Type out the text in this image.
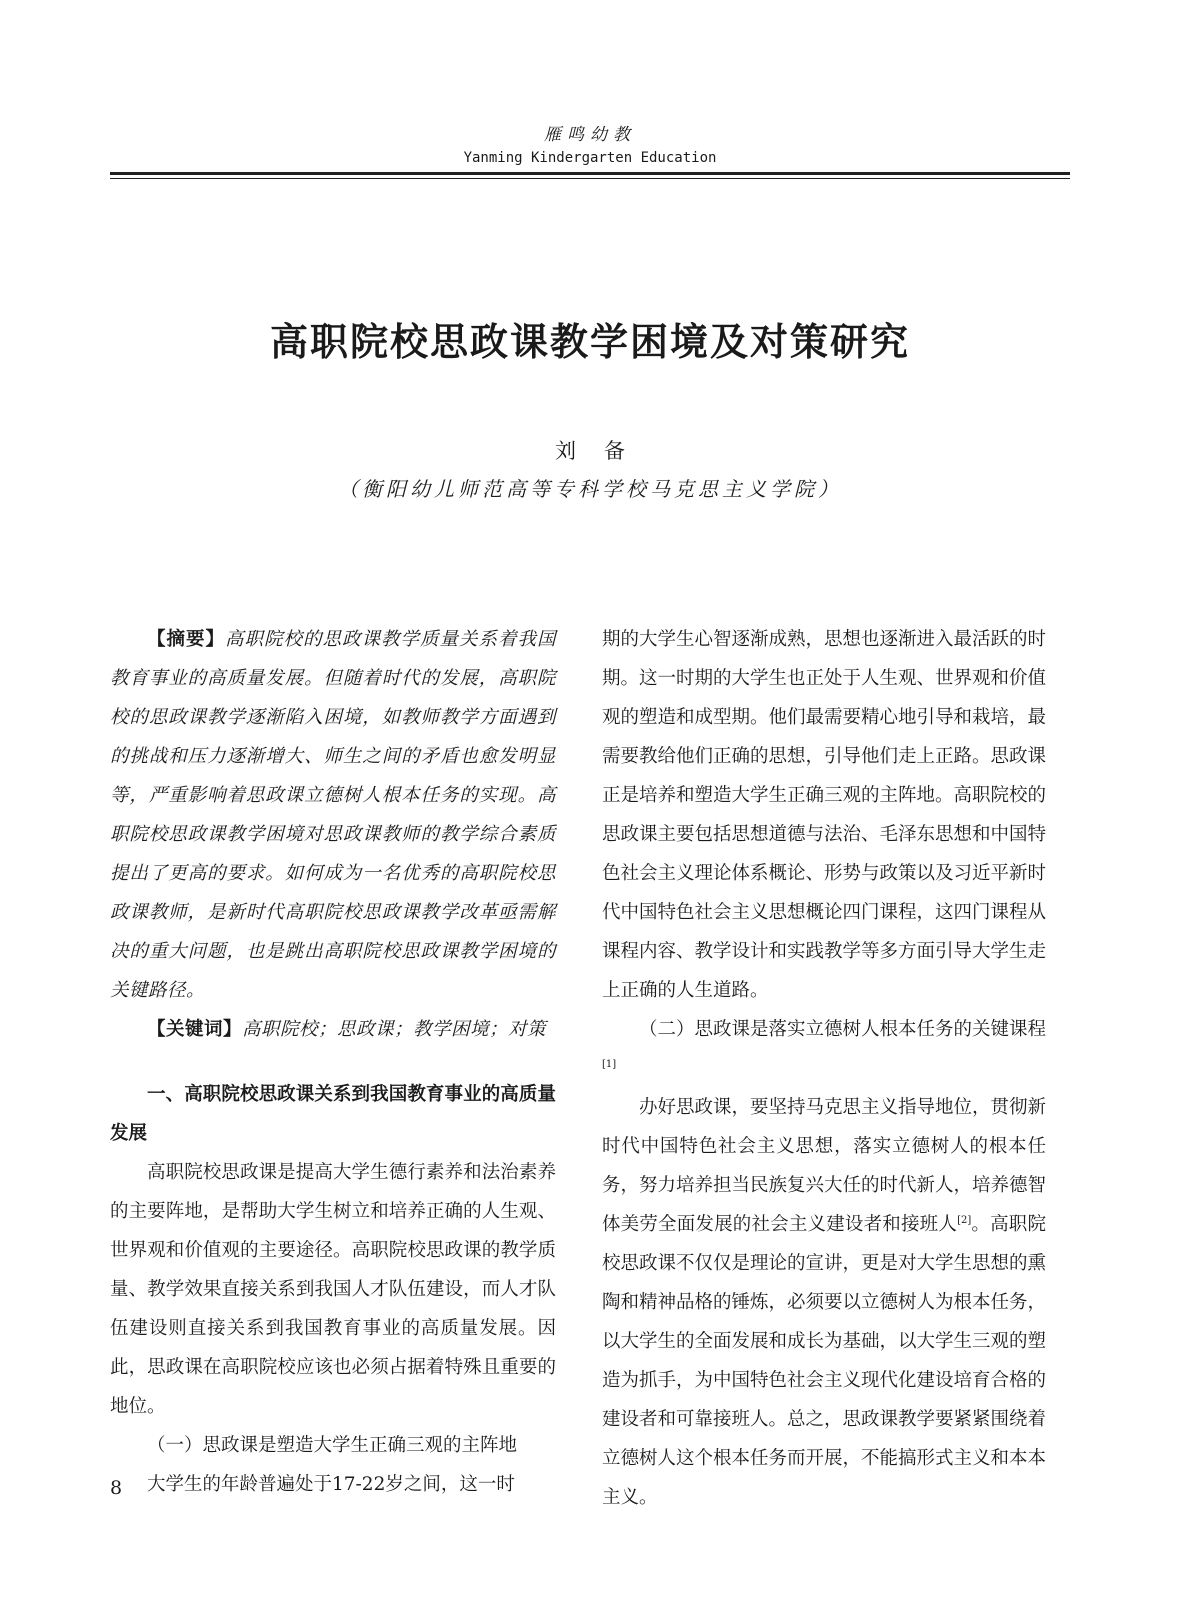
雁鸣幼教
Yanming Kindergarten Education
高职院校思政课教学困境及对策研究
刘备
（衡阳幼儿师范高等专科学校马克思主义学院）

【摘要】高职院校的思政课教学质量关系着我国教育事业的高质量发展。但随着时代的发展，高职院校的思政课教学逐渐陷入困境，如教师教学方面遇到的挑战和压力逐渐增大、师生之间的矛盾也愈发明显等，严重影响着思政课立德树人根本任务的实现。高职院校思政课教学困境对思政课教师的教学综合素质提出了更高的要求。如何成为一名优秀的高职院校思政课教师，是新时代高职院校思政课教学改革亟需解决的重大问题，也是跳出高职院校思政课教学困境的关键路径。

【关键词】高职院校；思政课；教学困境；对策

一、高职院校思政课关系到我国教育事业的高质量发展

高职院校思政课是提高大学生德行素养和法治素养的主要阵地，是帮助大学生树立和培养正确的人生观、世界观和价值观的主要途径。高职院校思政课的教学质量、教学效果直接关系到我国人才队伍建设，而人才队伍建设则直接关系到我国教育事业的高质量发展。因此，思政课在高职院校应该也必须占据着特殊且重要的地位。

（一）思政课是塑造大学生正确三观的主阵地

大学生的年龄普遍处于17-22岁之间，这一时

期的大学生心智逐渐成熟，思想也逐渐进入最活跃的时期。这一时期的大学生也正处于人生观、世界观和价值观的塑造和成型期。他们最需要精心地引导和栽培，最需要教给他们正确的思想，引导他们走上正路。思政课正是培养和塑造大学生正确三观的主阵地。高职院校的思政课主要包括思想道德与法治、毛泽东思想和中国特色社会主义理论体系概论、形势与政策以及习近平新时代中国特色社会主义思想概论四门课程，这四门课程从课程内容、教学设计和实践教学等多方面引导大学生走上正确的人生道路。

（二）思政课是落实立德树人根本任务的关键课程[1]

办好思政课，要坚持马克思主义指导地位，贯彻新时代中国特色社会主义思想，落实立德树人的根本任务，努力培养担当民族复兴大任的时代新人，培养德智体美劳全面发展的社会主义建设者和接班人[2]。高职院校思政课不仅仅是理论的宣讲，更是对大学生思想的熏陶和精神品格的锤炼，必须要以立德树人为根本任务，以大学生的全面发展和成长为基础，以大学生三观的塑造为抓手，为中国特色社会主义现代化建设培育合格的建设者和可靠接班人。总之，思政课教学要紧紧围绕着立德树人这个根本任务而开展，不能搞形式主义和本本主义。

8
